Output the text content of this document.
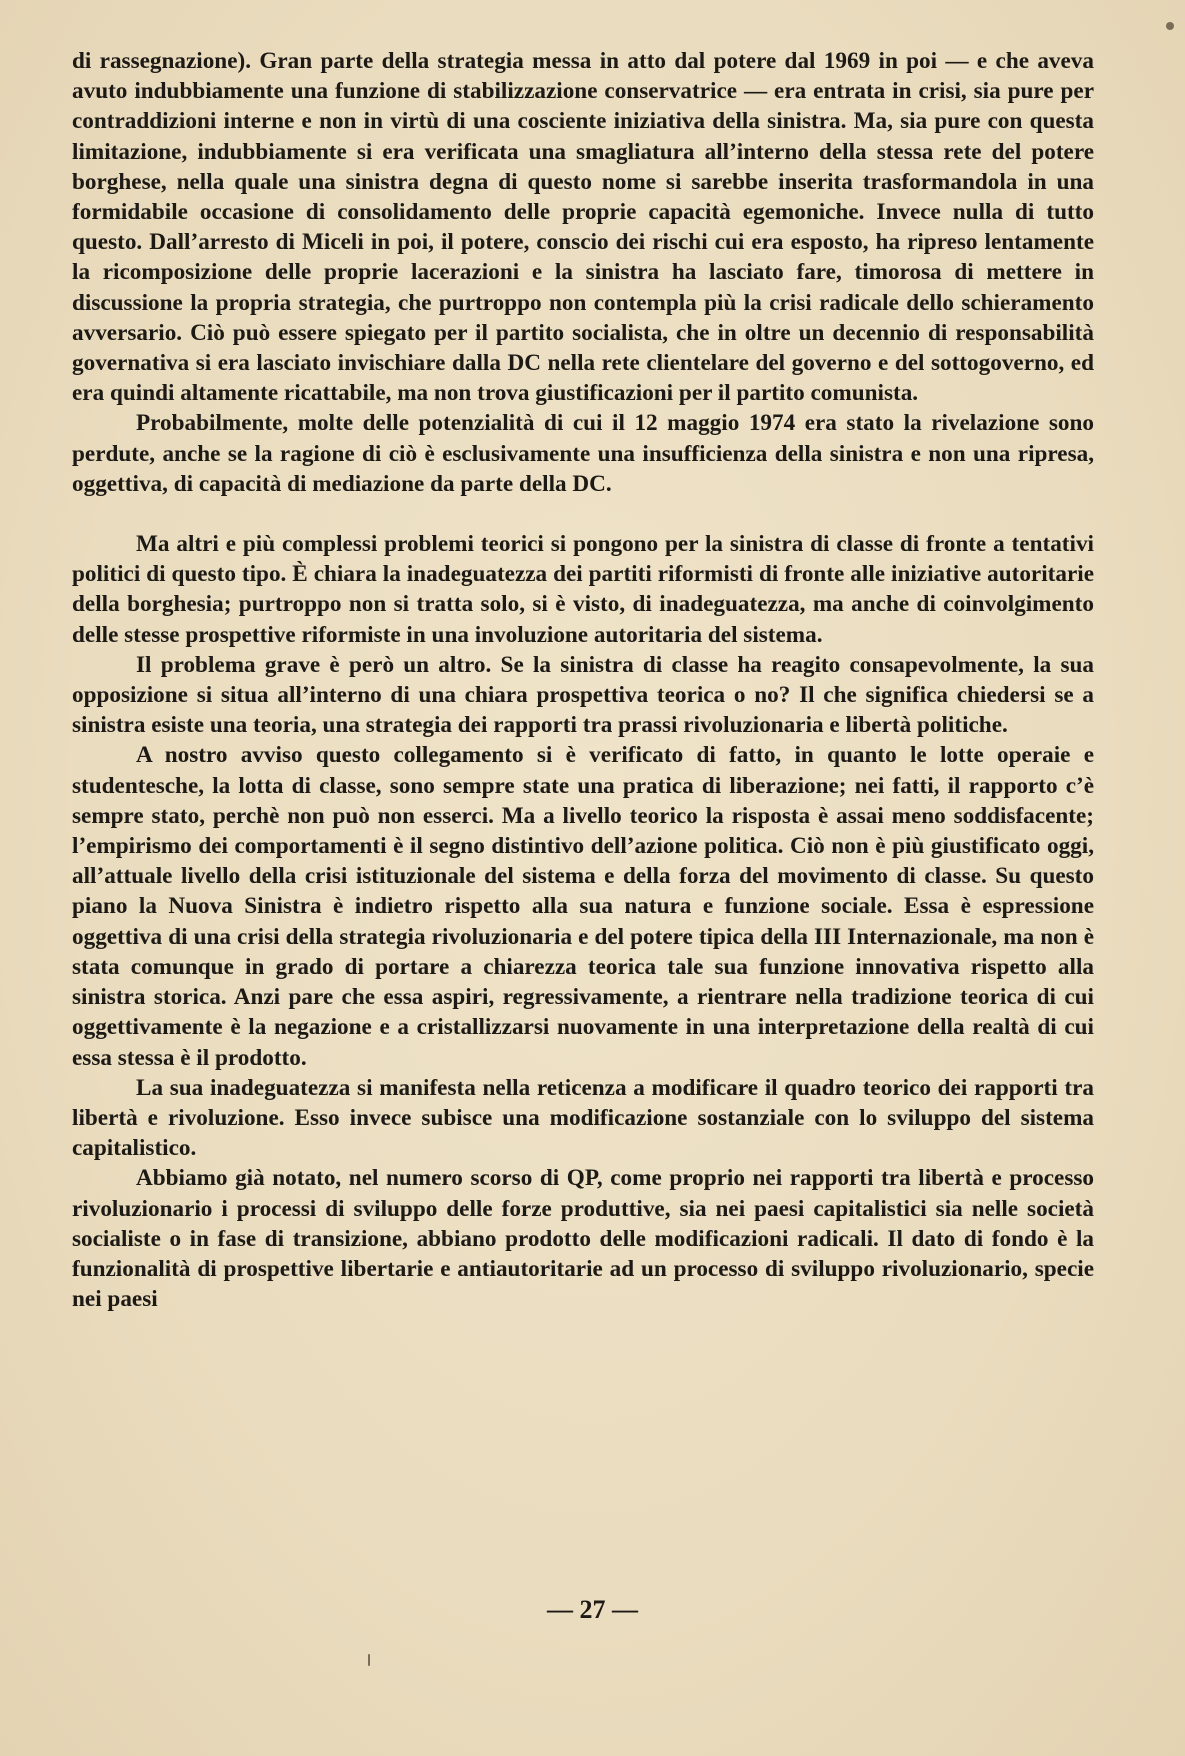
di rassegnazione). Gran parte della strategia messa in atto dal potere dal 1969 in poi — e che aveva avuto indubbiamente una funzione di stabilizzazione conservatrice — era entrata in crisi, sia pure per contraddizioni interne e non in virtù di una cosciente iniziativa della sinistra. Ma, sia pure con questa limitazione, indubbiamente si era verificata una smagliatura all’interno della stessa rete del potere borghese, nella quale una sinistra degna di questo nome si sarebbe inserita trasformandola in una formidabile occasione di consolidamento delle proprie capacità egemoniche. Invece nulla di tutto questo. Dall’arresto di Miceli in poi, il potere, conscio dei rischi cui era esposto, ha ripreso lentamente la ricomposizione delle proprie lacerazioni e la sinistra ha lasciato fare, timorosa di mettere in discussione la propria strategia, che purtroppo non contempla più la crisi radicale dello schieramento avversario. Ciò può essere spiegato per il partito socialista, che in oltre un decennio di responsabilità governativa si era lasciato invischiare dalla DC nella rete clientelare del governo e del sottogoverno, ed era quindi altamente ricattabile, ma non trova giustificazioni per il partito comunista.

Probabilmente, molte delle potenzialità di cui il 12 maggio 1974 era stato la rivelazione sono perdute, anche se la ragione di ciò è esclusivamente una insufficienza della sinistra e non una ripresa, oggettiva, di capacità di mediazione da parte della DC.

Ma altri e più complessi problemi teorici si pongono per la sinistra di classe di fronte a tentativi politici di questo tipo. È chiara la inadeguatezza dei partiti riformisti di fronte alle iniziative autoritarie della borghesia; purtroppo non si tratta solo, si è visto, di inadeguatezza, ma anche di coinvolgimento delle stesse prospettive riformiste in una involuzione autoritaria del sistema.

Il problema grave è però un altro. Se la sinistra di classe ha reagito consapevolmente, la sua opposizione si situa all’interno di una chiara prospettiva teorica o no? Il che significa chiedersi se a sinistra esiste una teoria, una strategia dei rapporti tra prassi rivoluzionaria e libertà politiche.

A nostro avviso questo collegamento si è verificato di fatto, in quanto le lotte operaie e studentesche, la lotta di classe, sono sempre state una pratica di liberazione; nei fatti, il rapporto c’è sempre stato, perchè non può non esserci. Ma a livello teorico la risposta è assai meno soddisfacente; l’empirismo dei comportamenti è il segno distintivo dell’azione politica. Ciò non è più giustificato oggi, all’attuale livello della crisi istituzionale del sistema e della forza del movimento di classe. Su questo piano la Nuova Sinistra è indietro rispetto alla sua natura e funzione sociale. Essa è espressione oggettiva di una crisi della strategia rivoluzionaria e del potere tipica della III Internazionale, ma non è stata comunque in grado di portare a chiarezza teorica tale sua funzione innovativa rispetto alla sinistra storica. Anzi pare che essa aspiri, regressivamente, a rientrare nella tradizione teorica di cui oggettivamente è la negazione e a cristallizzarsi nuovamente in una interpretazione della realtà di cui essa stessa è il prodotto.

La sua inadeguatezza si manifesta nella reticenza a modificare il quadro teorico dei rapporti tra libertà e rivoluzione. Esso invece subisce una modificazione sostanziale con lo sviluppo del sistema capitalistico.

Abbiamo già notato, nel numero scorso di QP, come proprio nei rapporti tra libertà e processo rivoluzionario i processi di sviluppo delle forze produttive, sia nei paesi capitalistici sia nelle società socialiste o in fase di transizione, abbiano prodotto delle modificazioni radicali. Il dato di fondo è la funzionalità di prospettive libertarie e antiautoritarie ad un processo di sviluppo rivoluzionario, specie nei paesi

— 27 —
